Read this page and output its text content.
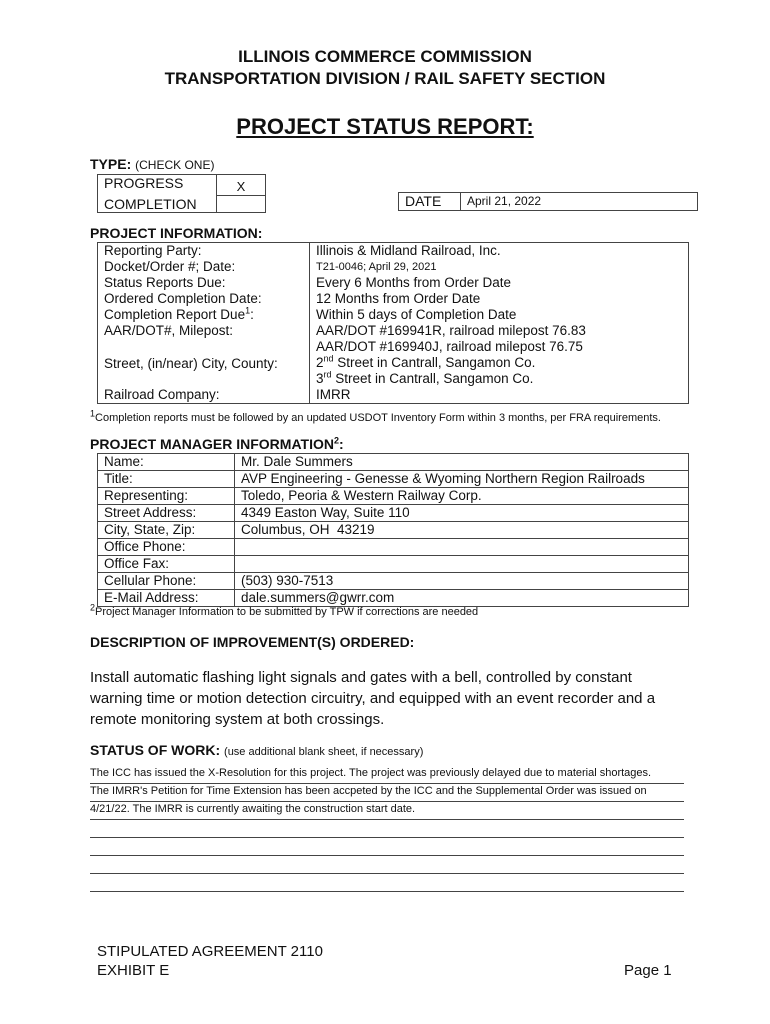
ILLINOIS COMMERCE COMMISSION
TRANSPORTATION DIVISION / RAIL SAFETY SECTION
PROJECT STATUS REPORT:
TYPE: (CHECK ONE)
PROGRESS	X
COMPLETION		DATE	April 21, 2022
PROJECT INFORMATION:
Reporting Party:	Illinois & Midland Railroad, Inc.
Docket/Order #; Date:	T21-0046; April 29, 2021
Status Reports Due:	Every 6 Months from Order Date
Ordered Completion Date:	12 Months from Order Date
Completion Report Due$^1$:	Within 5 days of Completion Date
AAR/DOT#, Milepost:	AAR/DOT #169941R, railroad milepost 76.83
AAR/DOT #169940J, railroad milepost 76.75

Street, (in/near) City, County:	2nd Street in Cantrall, Sangamon Co.
3rd Street in Cantrall, Sangamon Co.

Railroad Company:	IMRR
$^1$Completion reports must be followed by an updated USDOT Inventory Form within 3 months, per FRA requirements.
PROJECT MANAGER INFORMATION$^2$:
Name:	Mr. Dale Summers
Title:	AVP Engineering - Genesse & Wyoming Northern Region Railroads
Representing:	Toledo, Peoria & Western Railway Corp.
Street Address:	4349 Easton Way, Suite 110
City, State, Zip:	Columbus, OH  43219
Office Phone:	
Office Fax:	
Cellular Phone:	(503) 930-7513
E-Mail Address:	dale.summers@gwrr.com
$^2$Project Manager Information to be submitted by TPW if corrections are needed
DESCRIPTION OF IMPROVEMENT(S) ORDERED:
Install automatic flashing light signals and gates with a bell, controlled by constant warning time or motion detection circuitry, and equipped with an event recorder and a remote monitoring system at both crossings.
STATUS OF WORK: (use additional blank sheet, if necessary)
The ICC has issued the X-Resolution for this project. The project was previously delayed due to material shortages.
The IMRR's Petition for Time Extension has been accpeted by the ICC and the Supplemental Order was issued on
4/21/22. The IMRR is currently awaiting the construction start date.
STIPULATED AGREEMENT 2110
EXHIBIT E	Page 1
